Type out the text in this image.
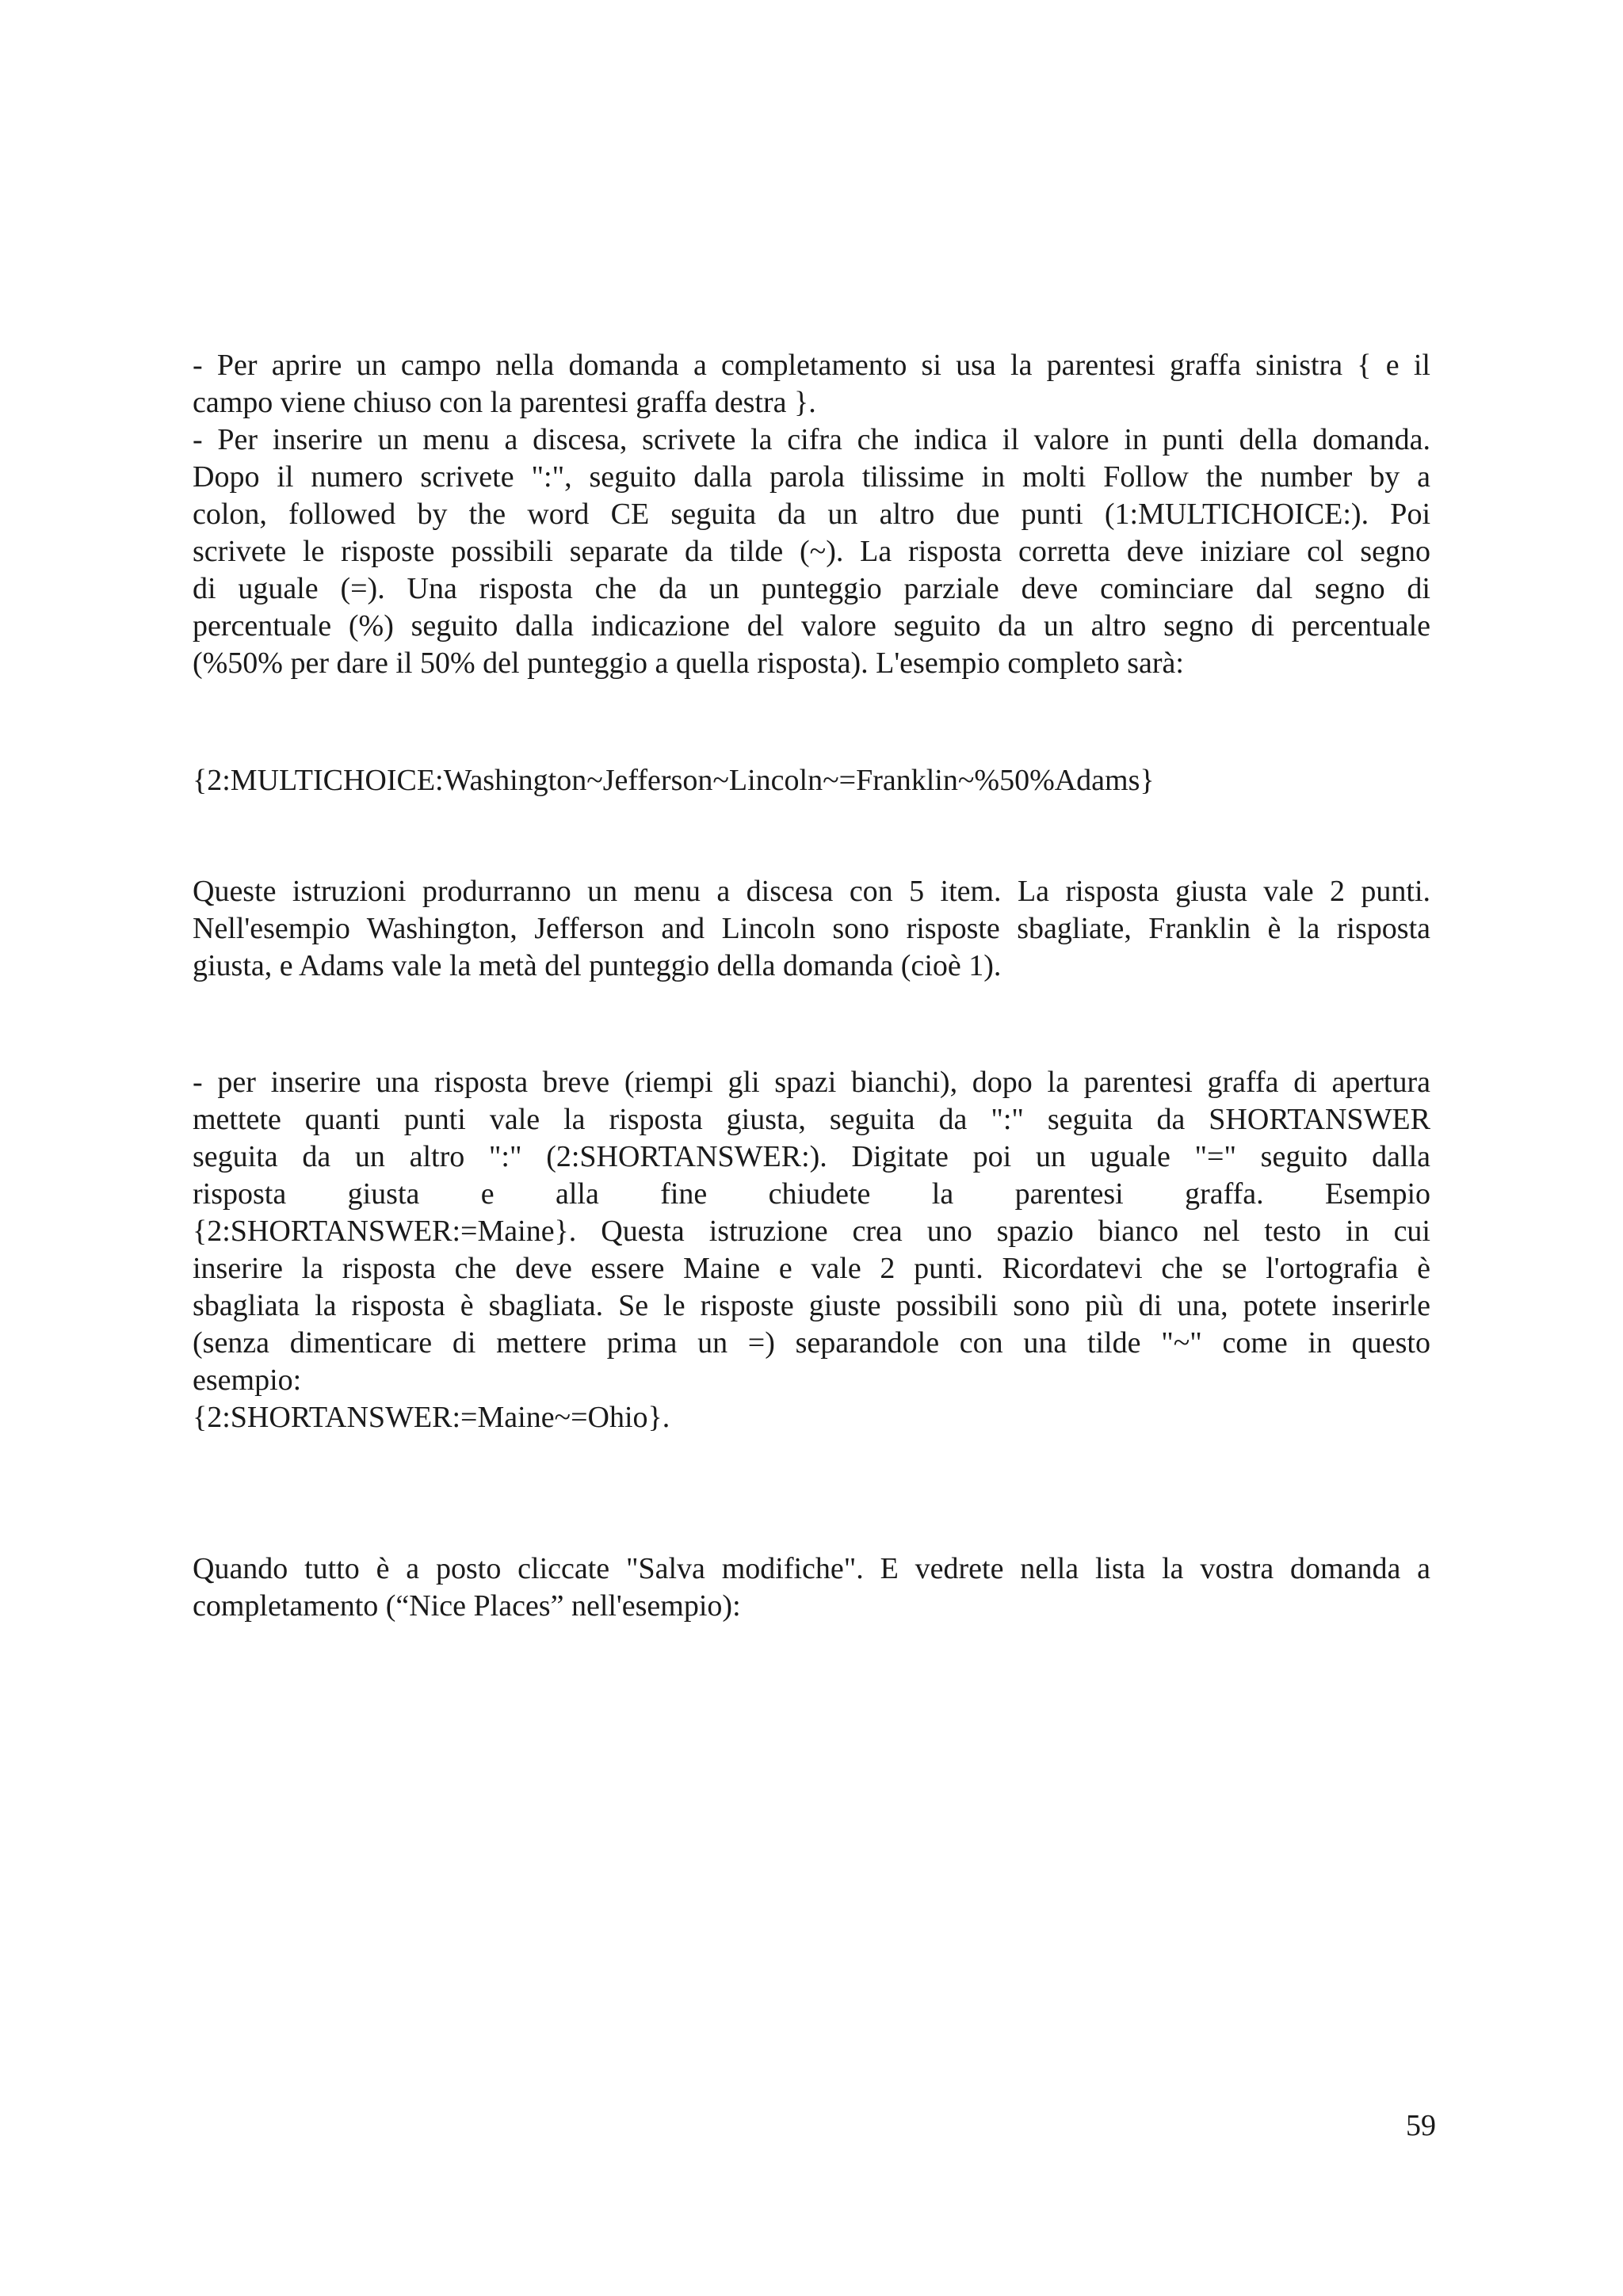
- Per aprire un campo nella domanda a completamento si usa la parentesi graffa sinistra { e il
campo viene chiuso con la parentesi graffa destra }.
- Per inserire un menu a discesa, scrivete la cifra che indica il valore in punti della domanda.
Dopo il numero scrivete ":", seguito dalla parola tilissime in molti Follow the number by a
colon, followed by the word CE seguita da un altro due punti (1:MULTICHOICE:). Poi
scrivete le risposte possibili separate da tilde (~). La risposta corretta deve iniziare col segno
di uguale (=). Una risposta che da un punteggio parziale deve cominciare dal segno di
percentuale (%) seguito dalla indicazione del valore seguito da un altro segno di percentuale
(%50% per dare il 50% del punteggio a quella risposta). L'esempio completo sarà:
{2:MULTICHOICE:Washington~Jefferson~Lincoln~=Franklin~%50%Adams}
Queste istruzioni produrranno un menu a discesa con 5 item. La risposta giusta vale 2 punti.
Nell'esempio Washington, Jefferson and Lincoln sono risposte sbagliate, Franklin è la risposta
giusta, e Adams vale la metà del punteggio della domanda (cioè 1).
- per inserire una risposta breve (riempi gli spazi bianchi), dopo la parentesi graffa di apertura
mettete quanti punti vale la risposta giusta, seguita da ":" seguita da SHORTANSWER
seguita da un altro ":" (2:SHORTANSWER:). Digitate poi un uguale "=" seguito dalla
risposta giusta e alla fine chiudete la parentesi graffa. Esempio
{2:SHORTANSWER:=Maine}. Questa istruzione crea uno spazio bianco nel testo in cui
inserire la risposta che deve essere Maine e vale 2 punti. Ricordatevi che se l'ortografia è
sbagliata la risposta è sbagliata. Se le risposte giuste possibili sono più di una, potete inserirle
(senza dimenticare di mettere prima un =) separandole con una tilde "~" come in questo
esempio:
{2:SHORTANSWER:=Maine~=Ohio}.
Quando tutto è a posto cliccate "Salva modifiche". E vedrete nella lista la vostra domanda a
completamento (“Nice Places” nell'esempio):
59
